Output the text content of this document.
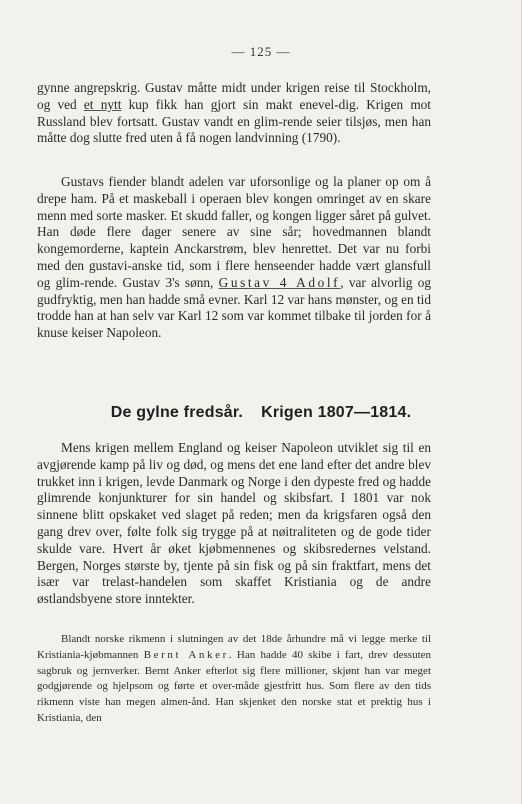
— 125 —

gynne angrepskrig. Gustav måtte midt under krigen reise til Stockholm, og ved et nytt kup fikk han gjort sin makt enevel-dig. Krigen mot Russland blev fortsatt. Gustav vandt en glim-rende seier tilsjøs, men han måtte dog slutte fred uten å få nogen landvinning (1790).

Gustavs fiender blandt adelen var uforsonlige og la planer op om å drepe ham. På et maskeball i operaen blev kongen omringet av en skare menn med sorte masker. Et skudd faller, og kongen ligger såret på gulvet. Han døde flere dager senere av sine sår; hovedmannen blandt kongemorderne, kaptein Anckarstrøm, blev henrettet. Det var nu forbi med den gustavi-anske tid, som i flere henseender hadde vært glansfull og glim-rende. Gustav 3's sønn, Gustav 4 Adolf, var alvorlig og gudfryktig, men han hadde små evner. Karl 12 var hans mønster, og en tid trodde han at han selv var Karl 12 som var kommet tilbake til jorden for å knuse keiser Napoleon.

De gylne fredsår. Krigen 1807—1814.

Mens krigen mellem England og keiser Napoleon utviklet sig til en avgjørende kamp på liv og død, og mens det ene land efter det andre blev trukket inn i krigen, levde Danmark og Norge i den dypeste fred og hadde glimrende konjunkturer for sin handel og skibsfart. I 1801 var nok sinnene blitt opskaket ved slaget på reden; men da krigsfaren også den gang drev over, følte folk sig trygge på at nøitraliteten og de gode tider skulde vare. Hvert år øket kjøbmennenes og skibsredernes velstand. Bergen, Norges største by, tjente på sin fisk og på sin fraktfart, mens det især var trelast-handelen som skaffet Kristiania og de andre østlandsbyene store inntekter.

Blandt norske rikmenn i slutningen av det 18de århundre må vi legge merke til Kristiania-kjøbmannen Bernt Anker. Han hadde 40 skibe i fart, drev dessuten sagbruk og jernverker. Bernt Anker efterlot sig flere millioner, skjønt han var meget godgjørende og hjelpsom og førte et over-måde gjestfritt hus. Som flere av den tids rikmenn viste han megen almen-ånd. Han skjenket den norske stat et prektig hus i Kristiania, den
